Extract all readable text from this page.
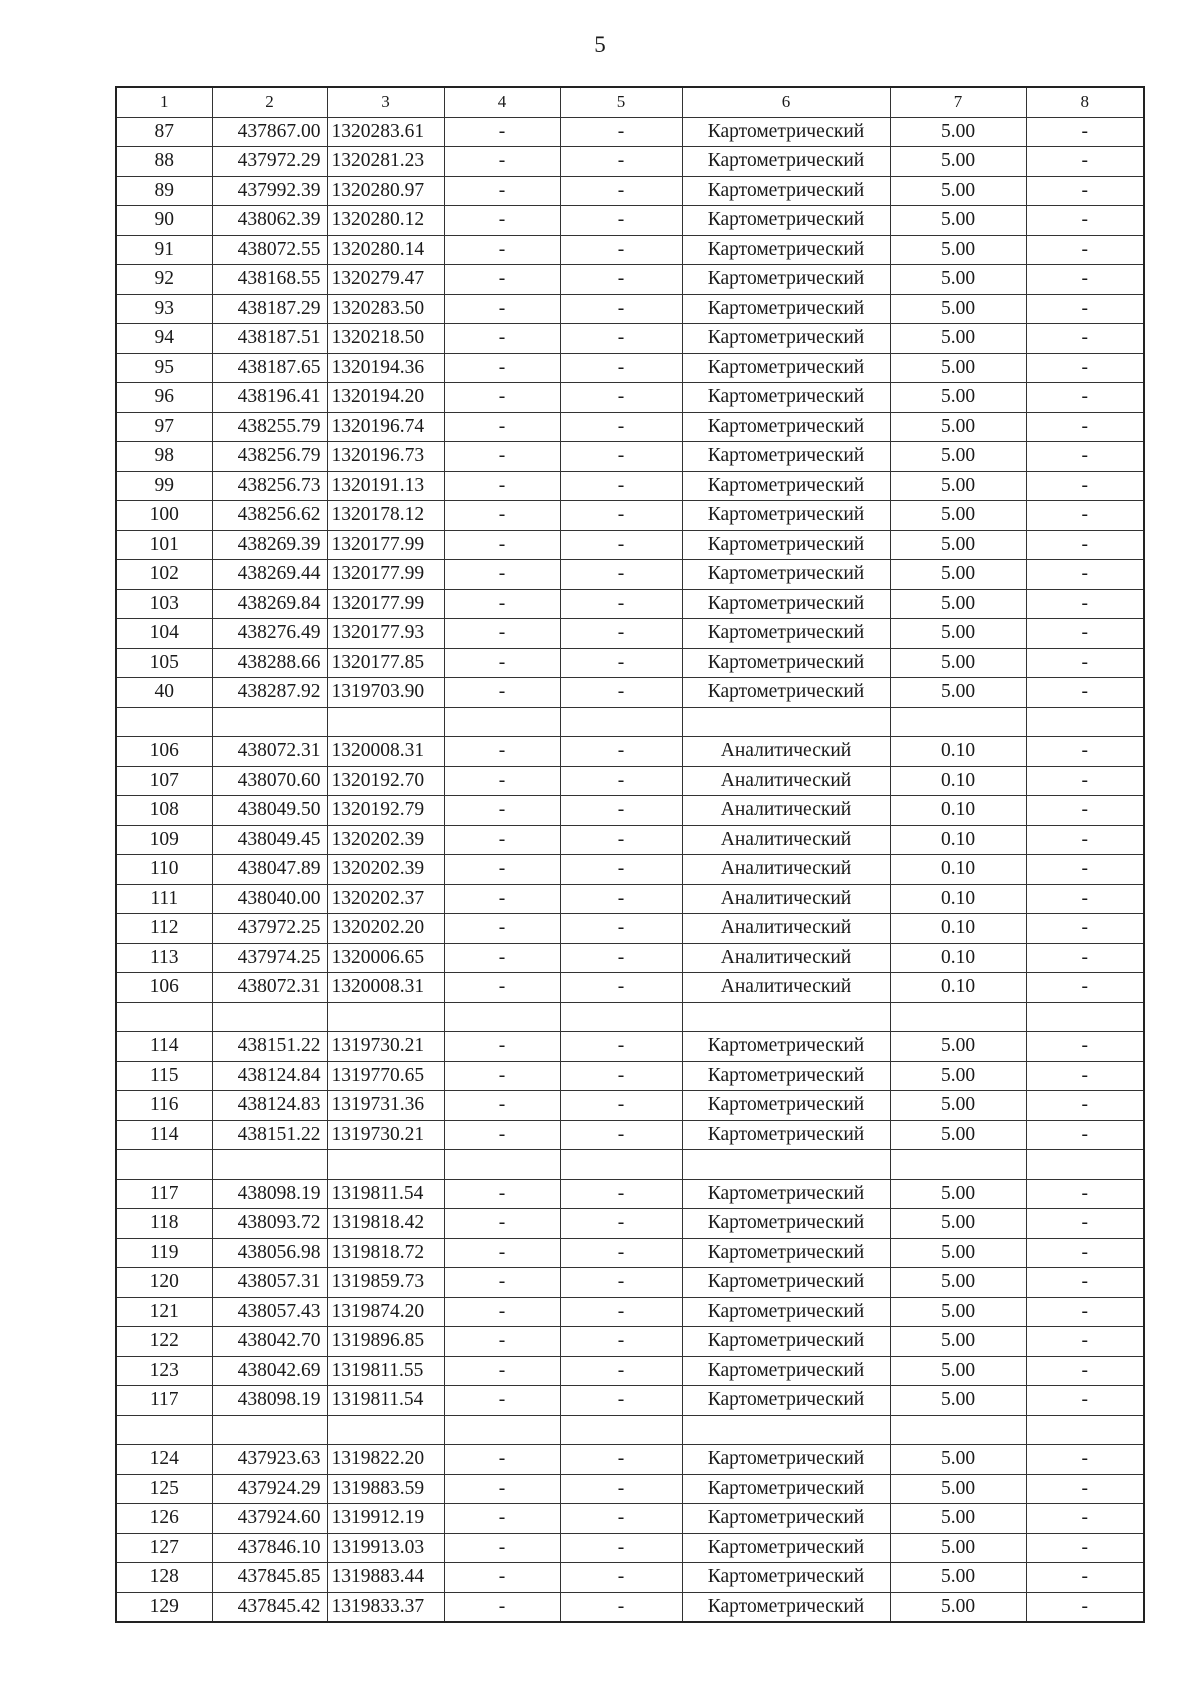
5
1	2	3	4	5	6	7	8
87	437867.00	1320283.61	-	-	Картометрический	5.00	-
88	437972.29	1320281.23	-	-	Картометрический	5.00	-
89	437992.39	1320280.97	-	-	Картометрический	5.00	-
90	438062.39	1320280.12	-	-	Картометрический	5.00	-
91	438072.55	1320280.14	-	-	Картометрический	5.00	-
92	438168.55	1320279.47	-	-	Картометрический	5.00	-
93	438187.29	1320283.50	-	-	Картометрический	5.00	-
94	438187.51	1320218.50	-	-	Картометрический	5.00	-
95	438187.65	1320194.36	-	-	Картометрический	5.00	-
96	438196.41	1320194.20	-	-	Картометрический	5.00	-
97	438255.79	1320196.74	-	-	Картометрический	5.00	-
98	438256.79	1320196.73	-	-	Картометрический	5.00	-
99	438256.73	1320191.13	-	-	Картометрический	5.00	-
100	438256.62	1320178.12	-	-	Картометрический	5.00	-
101	438269.39	1320177.99	-	-	Картометрический	5.00	-
102	438269.44	1320177.99	-	-	Картометрический	5.00	-
103	438269.84	1320177.99	-	-	Картометрический	5.00	-
104	438276.49	1320177.93	-	-	Картометрический	5.00	-
105	438288.66	1320177.85	-	-	Картометрический	5.00	-
40	438287.92	1319703.90	-	-	Картометрический	5.00	-

106	438072.31	1320008.31	-	-	Аналитический	0.10	-
107	438070.60	1320192.70	-	-	Аналитический	0.10	-
108	438049.50	1320192.79	-	-	Аналитический	0.10	-
109	438049.45	1320202.39	-	-	Аналитический	0.10	-
110	438047.89	1320202.39	-	-	Аналитический	0.10	-
111	438040.00	1320202.37	-	-	Аналитический	0.10	-
112	437972.25	1320202.20	-	-	Аналитический	0.10	-
113	437974.25	1320006.65	-	-	Аналитический	0.10	-
106	438072.31	1320008.31	-	-	Аналитический	0.10	-

114	438151.22	1319730.21	-	-	Картометрический	5.00	-
115	438124.84	1319770.65	-	-	Картометрический	5.00	-
116	438124.83	1319731.36	-	-	Картометрический	5.00	-
114	438151.22	1319730.21	-	-	Картометрический	5.00	-

117	438098.19	1319811.54	-	-	Картометрический	5.00	-
118	438093.72	1319818.42	-	-	Картометрический	5.00	-
119	438056.98	1319818.72	-	-	Картометрический	5.00	-
120	438057.31	1319859.73	-	-	Картометрический	5.00	-
121	438057.43	1319874.20	-	-	Картометрический	5.00	-
122	438042.70	1319896.85	-	-	Картометрический	5.00	-
123	438042.69	1319811.55	-	-	Картометрический	5.00	-
117	438098.19	1319811.54	-	-	Картометрический	5.00	-

124	437923.63	1319822.20	-	-	Картометрический	5.00	-
125	437924.29	1319883.59	-	-	Картометрический	5.00	-
126	437924.60	1319912.19	-	-	Картометрический	5.00	-
127	437846.10	1319913.03	-	-	Картометрический	5.00	-
128	437845.85	1319883.44	-	-	Картометрический	5.00	-
129	437845.42	1319833.37	-	-	Картометрический	5.00	-
